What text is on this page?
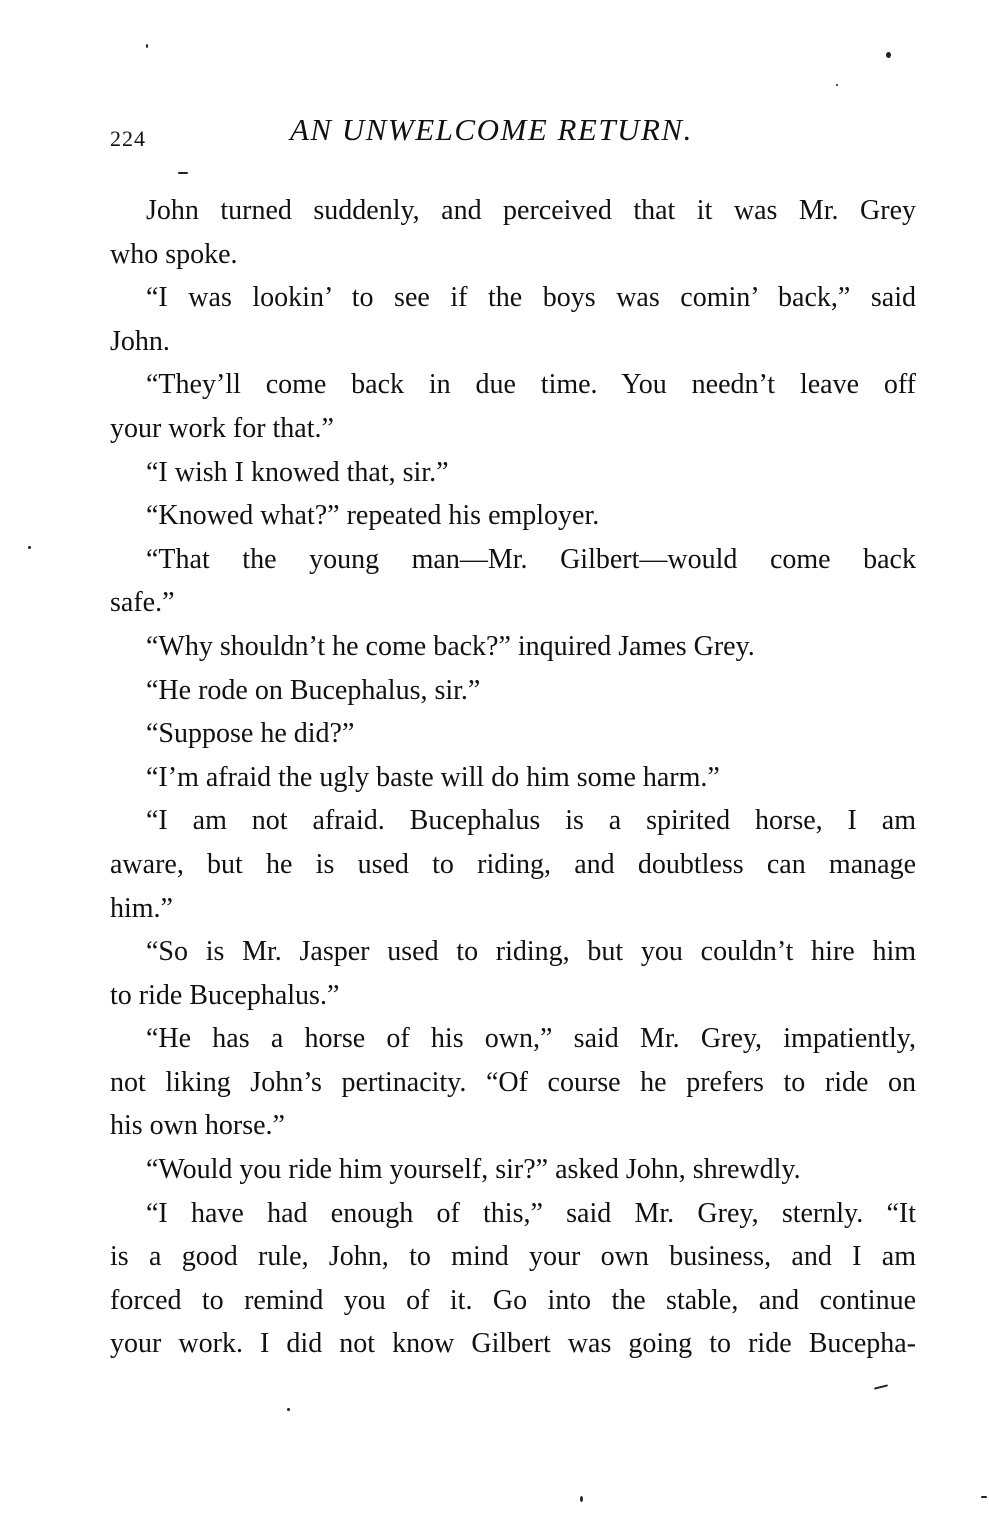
224	AN UNWELCOME RETURN.
John turned suddenly, and perceived that it was Mr. Grey
who spoke.
“I was lookin’ to see if the boys was comin’ back,” said
John.
“They’ll come back in due time. You needn’t leave off
your work for that.”
“I wish I knowed that, sir.”
“Knowed what?” repeated his employer.
“That the young man—Mr. Gilbert—would come back
safe.”
“Why shouldn’t he come back?” inquired James Grey.
“He rode on Bucephalus, sir.”
“Suppose he did?”
“I’m afraid the ugly baste will do him some harm.”
“I am not afraid. Bucephalus is a spirited horse, I am
aware, but he is used to riding, and doubtless can manage
him.”
“So is Mr. Jasper used to riding, but you couldn’t hire him
to ride Bucephalus.”
“He has a horse of his own,” said Mr. Grey, impatiently,
not liking John’s pertinacity. “Of course he prefers to ride on
his own horse.”
“Would you ride him yourself, sir?” asked John, shrewdly.
“I have had enough of this,” said Mr. Grey, sternly. “It
is a good rule, John, to mind your own business, and I am
forced to remind you of it. Go into the stable, and continue
your work. I did not know Gilbert was going to ride Bucepha-
